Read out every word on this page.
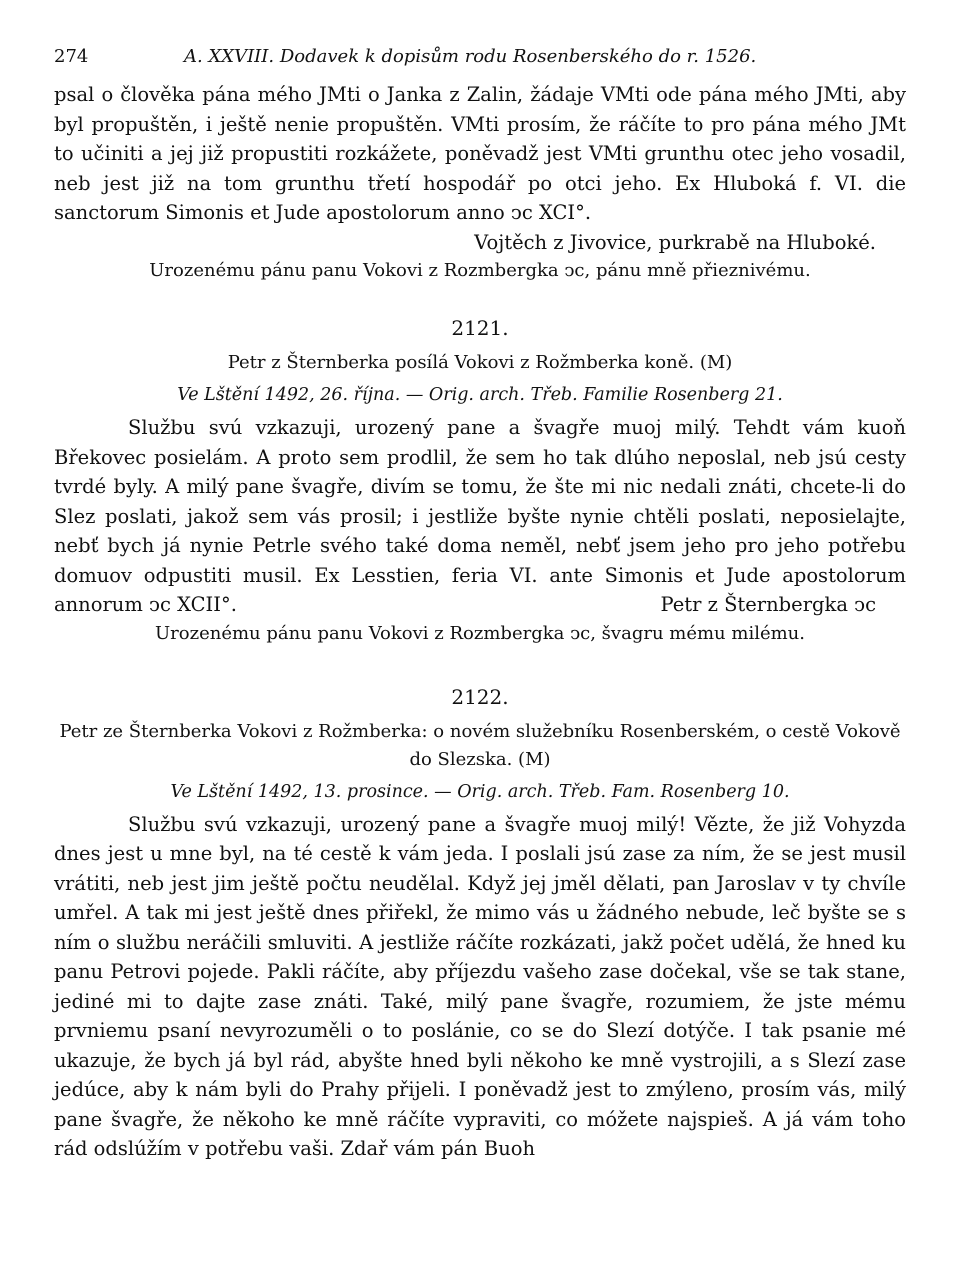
274	A. XXVIII. Dodavek k dopisům rodu Rosenberského do r. 1526.

psal o člověka pána mého JMti o Janka z Zalin, žádaje VMti ode pána mého JMti, aby byl propuštěn, i ještě nenie propuštěn. VMti prosím, že ráčíte to pro pána mého JMt to učiniti a jej již propustiti rozkážete, poněvadž jest VMti grunthu otec jeho vosadil, neb jest již na tom grunthu třetí hospodář po otci jeho. Ex Hluboká f. VI. die sanctorum Simonis et Jude apostolorum anno ↄc XCI°.

Vojtěch z Jivovice, purkrabě na Hluboké.

Urozenému pánu panu Vokovi z Rozmbergka ↄc, pánu mně přieznivému.

2121.

Petr z Šternberka posílá Vokovi z Rožmberka koně. (M)

Ve Lštění 1492, 26. října. — Orig. arch. Třeb. Familie Rosenberg 21.

Službu svú vzkazuji, urozený pane a švagře muoj milý. Tehdt vám kuoň Břekovec posielám. A proto sem prodlil, že sem ho tak dlúho neposlal, neb jsú cesty tvrdé byly. A milý pane švagře, divím se tomu, že šte mi nic nedali znáti, chcete-li do Slez poslati, jakož sem vás prosil; i jestliže byšte nynie chtěli poslati, neposielajte, nebť bych já nynie Petrle svého také doma neměl, nebť jsem jeho pro jeho potřebu domuov odpustiti musil. Ex Lesstien, feria VI. ante Simonis et Jude apostolorum annorum ↄc XCII°.	Petr z Šternbergka ↄc

Urozenému pánu panu Vokovi z Rozmbergka ↄc, švagru mému milému.

2122.

Petr ze Šternberka Vokovi z Rožmberka: o novém služebníku Rosenberském, o cestě Vokově do Slezska. (M)

Ve Lštění 1492, 13. prosince. — Orig. arch. Třeb. Fam. Rosenberg 10.

Službu svú vzkazuji, urozený pane a švagře muoj milý! Vězte, že již Vohyzda dnes jest u mne byl, na té cestě k vám jeda. I poslali jsú zase za ním, že se jest musil vrátiti, neb jest jim ještě počtu neudělal. Když jej jměl dělati, pan Jaroslav v ty chvíle umřel. A tak mi jest ještě dnes přiřekl, že mimo vás u žádného nebude, leč byšte se s ním o službu neráčili smluviti. A jestliže ráčíte rozkázati, jakž počet udělá, že hned ku panu Petrovi pojede. Pakli ráčíte, aby příjezdu vašeho zase dočekal, vše se tak stane, jediné mi to dajte zase znáti. Také, milý pane švagře, rozumiem, že jste mému prvniemu psaní nevyrozuměli o to poslánie, co se do Slezí dotýče. I tak psanie mé ukazuje, že bych já byl rád, abyšte hned byli někoho ke mně vystrojili, a s Slezí zase jedúce, aby k nám byli do Prahy přijeli. I poněvadž jest to zmýleno, prosím vás, milý pane švagře, že někoho ke mně ráčíte vypraviti, co móžete najspieš. A já vám toho rád odslúžím v potřebu vaši. Zdař vám pán Buoh
